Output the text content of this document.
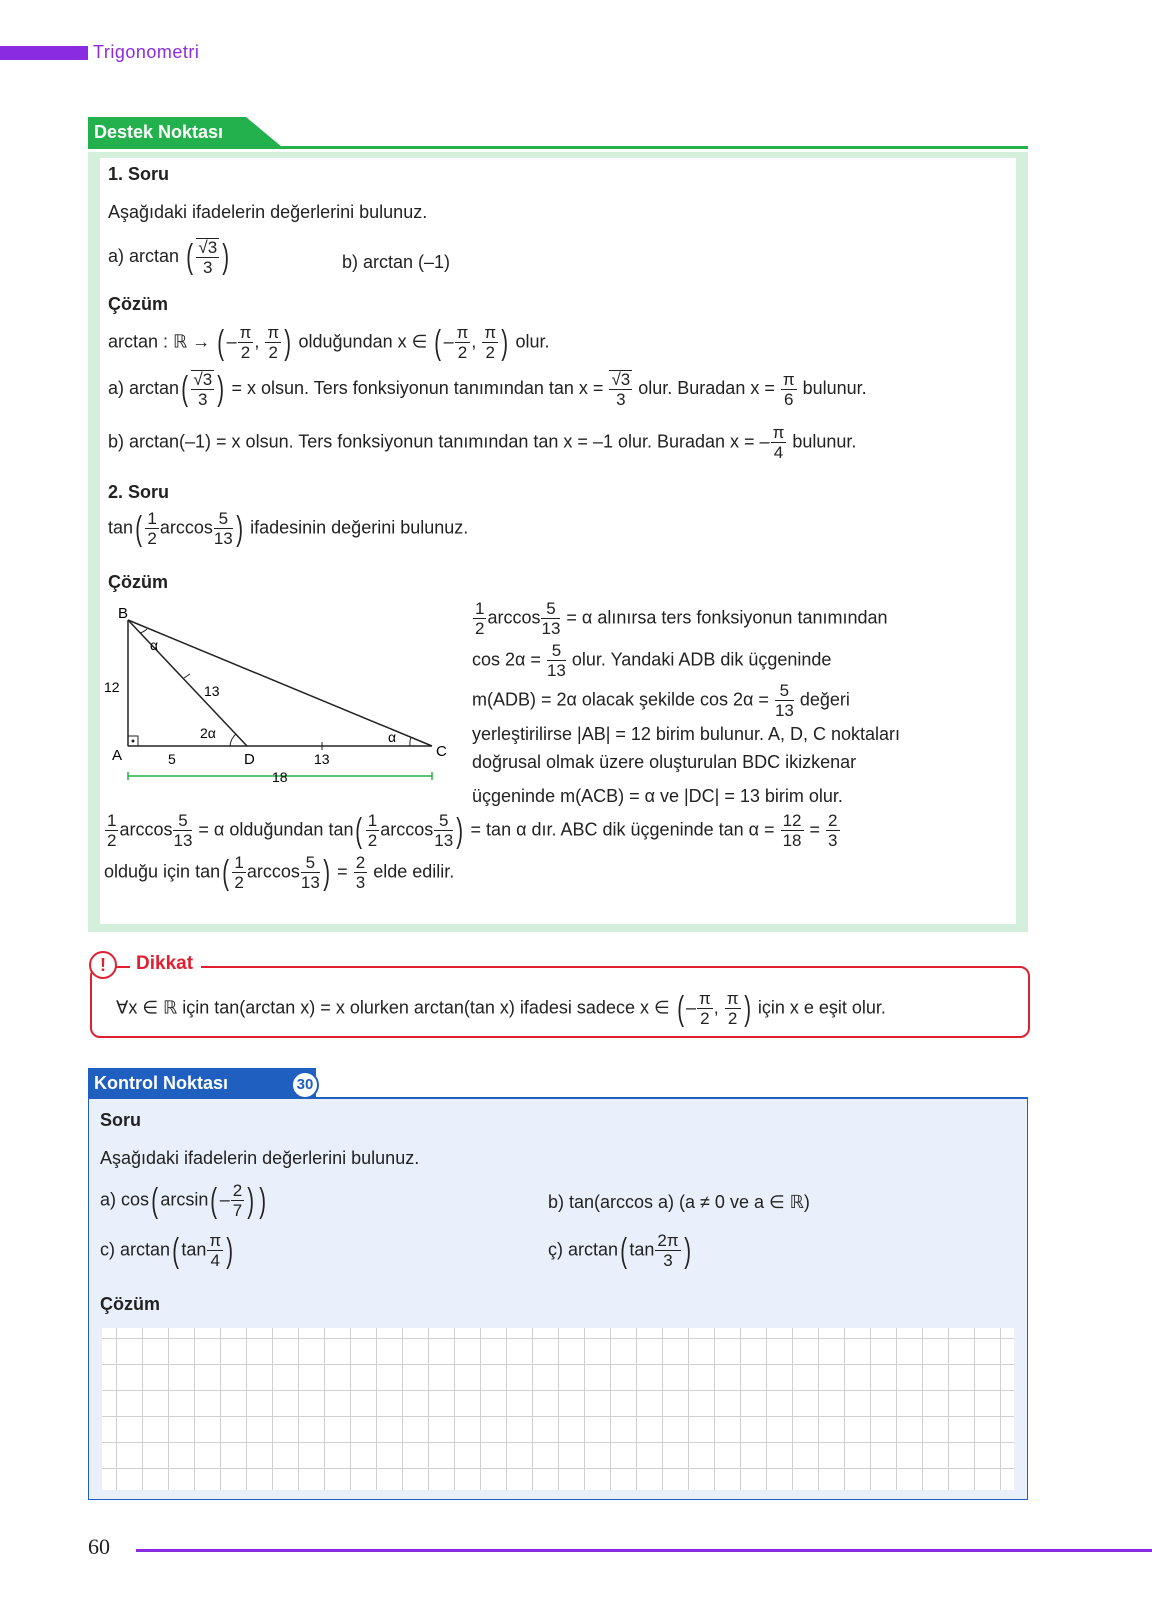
Trigonometri
Destek Noktası
1. Soru
Aşağıdaki ifadelerin değerlerini bulunuz.
a) arctan ( $\frac{√3}{3}$ )	b) arctan (–1)
Çözüm
arctan : ℝ → ( – $\frac{\pi}{2}$ , $\frac{\pi}{2}$ ) olduğundan x ∈ ( – $\frac{\pi}{2}$ , $\frac{\pi}{2}$ ) olur.
a) $\arctan( \frac{√3}{3}$ ) = x olsun. Ters fonksiyonun tanımından $\tan x = \frac{√3}{3}$ olur. Buradan $x = \frac{\pi}{6}$ bulunur.
b) arctan(–1) = x olsun. Ters fonksiyonun tanımından tan x = –1 olur. Buradan x = – $\frac{\pi}{4}$ bulunur.
2. Soru
$\tan( \frac{1}{2}$ $\arccos \frac{5}{13}$ ) ifadesinin değerini bulunuz.
Çözüm
B
A	D	C
α
2α	α
12	13
5	13
18
$\frac{1}{2}$ $\arccos \frac{5}{13} = \alpha$ alınırsa ters fonksiyonun tanımından
$\cos 2\alpha = \frac{5}{13}$ olur. Yandaki ADB dik üçgeninde
m(ADB) = 2α olacak şekilde $\cos 2\alpha = \frac{5}{13}$ değeri
yerleştirilirse |AB| = 12 birim bulunur. A, D, C noktaları
doğrusal olmak üzere oluşturulan BDC ikizkenar
üçgeninde m(ACB) = α ve |DC| = 13 birim olur.
$\frac{1}{2}$ $\arccos \frac{5}{13} = \alpha$ olduğundan $\tan( \frac{1}{2}$ $\arccos \frac{5}{13}$ ) = tan α dır. ABC dik üçgeninde $\tan \alpha = \frac{12}{18} = \frac{2}{3}$
olduğu için $\tan( \frac{1}{2}$ $\arccos \frac{5}{13}$ ) = $\frac{2}{3}$ elde edilir.
!	Dikkat
∀x ∈ ℝ için tan(arctan x) = x olurken arctan(tan x) ifadesi sadece x ∈ ( – $\frac{\pi}{2}$ , $\frac{\pi}{2}$ ) için x e eşit olur.
Kontrol Noktası	30
Soru
Aşağıdaki ifadelerin değerlerini bulunuz.
a) cos( $\arcsin( - \frac{2}{7}$ ) )	b) tan(arccos a) (a ≠ 0 ve a ∈ ℝ)
c) arctan( $\tan \frac{\pi}{4}$ )	ç) arctan( $\tan \frac{2\pi}{3}$ )
Çözüm
60
